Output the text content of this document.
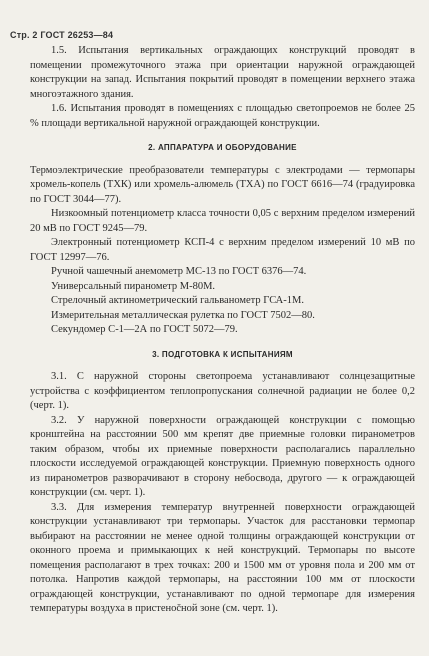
Стр. 2 ГОСТ 26253—84

1.5. Испытания вертикальных ограждающих конструкций проводят в помещении промежуточного этажа при ориентации наружной ограждающей конструкции на запад. Испытания покрытий проводят в помещении верхнего этажа многоэтажного здания.

1.6. Испытания проводят в помещениях с площадью светопроемов не более 25 % площади вертикальной наружной ограждающей конструкции.

2. АППАРАТУРА И ОБОРУДОВАНИЕ

Термоэлектрические преобразователи температуры с электродами — термопары хромель-копель (ТХК) или хромель-алюмель (ТХА) по ГОСТ 6616—74 (градуировка по ГОСТ 3044—77).

Низкоомный потенциометр класса точности 0,05 с верхним пределом измерений 20 мВ по ГОСТ 9245—79.

Электронный потенциометр КСП-4 с верхним пределом измерений 10 мВ по ГОСТ 12997—76.

Ручной чашечный анемометр МС-13 по ГОСТ 6376—74.

Универсальный пиранометр М-80М.

Стрелочный актинометрический гальванометр ГСА-1М.

Измерительная металлическая рулетка по ГОСТ 7502—80.

Секундомер С-1—2А по ГОСТ 5072—79.

3. ПОДГОТОВКА К ИСПЫТАНИЯМ

3.1. С наружной стороны светопроема устанавливают солнцезащитные устройства с коэффициентом теплопропускания солнечной радиации не более 0,2 (черт. 1).

3.2. У наружной поверхности ограждающей конструкции с помощью кронштейна на расстоянии 500 мм крепят две приемные головки пиранометров таким образом, чтобы их приемные поверхности располагались параллельно плоскости исследуемой ограждающей конструкции. Приемную поверхность одного из пиранометров разворачивают в сторону небосвода, другого — к ограждающей конструкции (см. черт. 1).

3.3. Для измерения температур внутренней поверхности ограждающей конструкции устанавливают три термопары. Участок для расстановки термопар выбирают на расстоянии не менее одной толщины ограждающей конструкции от оконного проема и примыкающих к ней конструкций. Термопары по высоте помещения располагают в трех точках: 200 и 1500 мм от уровня пола и 200 мм от потолка. Напротив каждой термопары, на расстоянии 100 мм от плоскости ограждающей конструкции, устанавливают по одной термопаре для измерения температуры воздуха в пристенočной зоне (см. черт. 1).
